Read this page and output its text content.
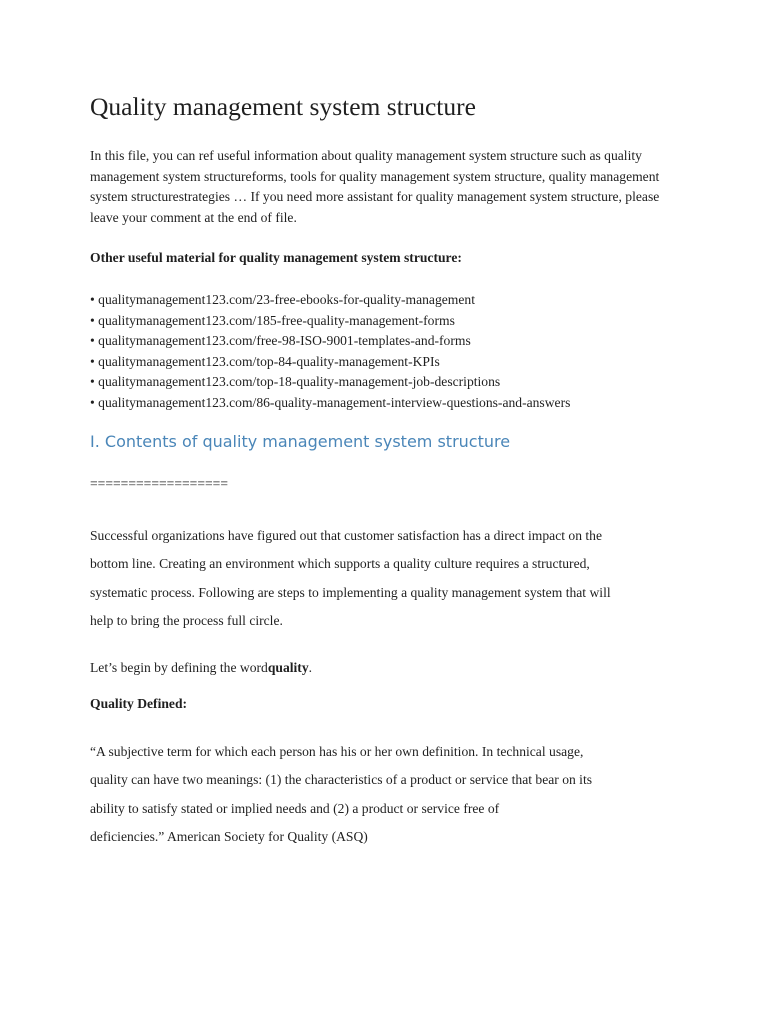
Quality management system structure

In this file, you can ref useful information about quality management system structure such as quality management system structureforms, tools for quality management system structure, quality management system structurestrategies … If you need more assistant for quality management system structure, please leave your comment at the end of file.

Other useful material for quality management system structure:

• qualitymanagement123.com/23-free-ebooks-for-quality-management
• qualitymanagement123.com/185-free-quality-management-forms
• qualitymanagement123.com/free-98-ISO-9001-templates-and-forms
• qualitymanagement123.com/top-84-quality-management-KPIs
• qualitymanagement123.com/top-18-quality-management-job-descriptions
• qualitymanagement123.com/86-quality-management-interview-questions-and-answers
I. Contents of quality management system structure

==================

Successful organizations have figured out that customer satisfaction has a direct impact on the
bottom line. Creating an environment which supports a quality culture requires a structured,
systematic process. Following are steps to implementing a quality management system that will
help to bring the process full circle.

Let’s begin by defining the wordquality.

Quality Defined:

“A subjective term for which each person has his or her own definition. In technical usage,
quality can have two meanings: (1) the characteristics of a product or service that bear on its
ability to satisfy stated or implied needs and (2) a product or service free of
deficiencies.” American Society for Quality (ASQ)
